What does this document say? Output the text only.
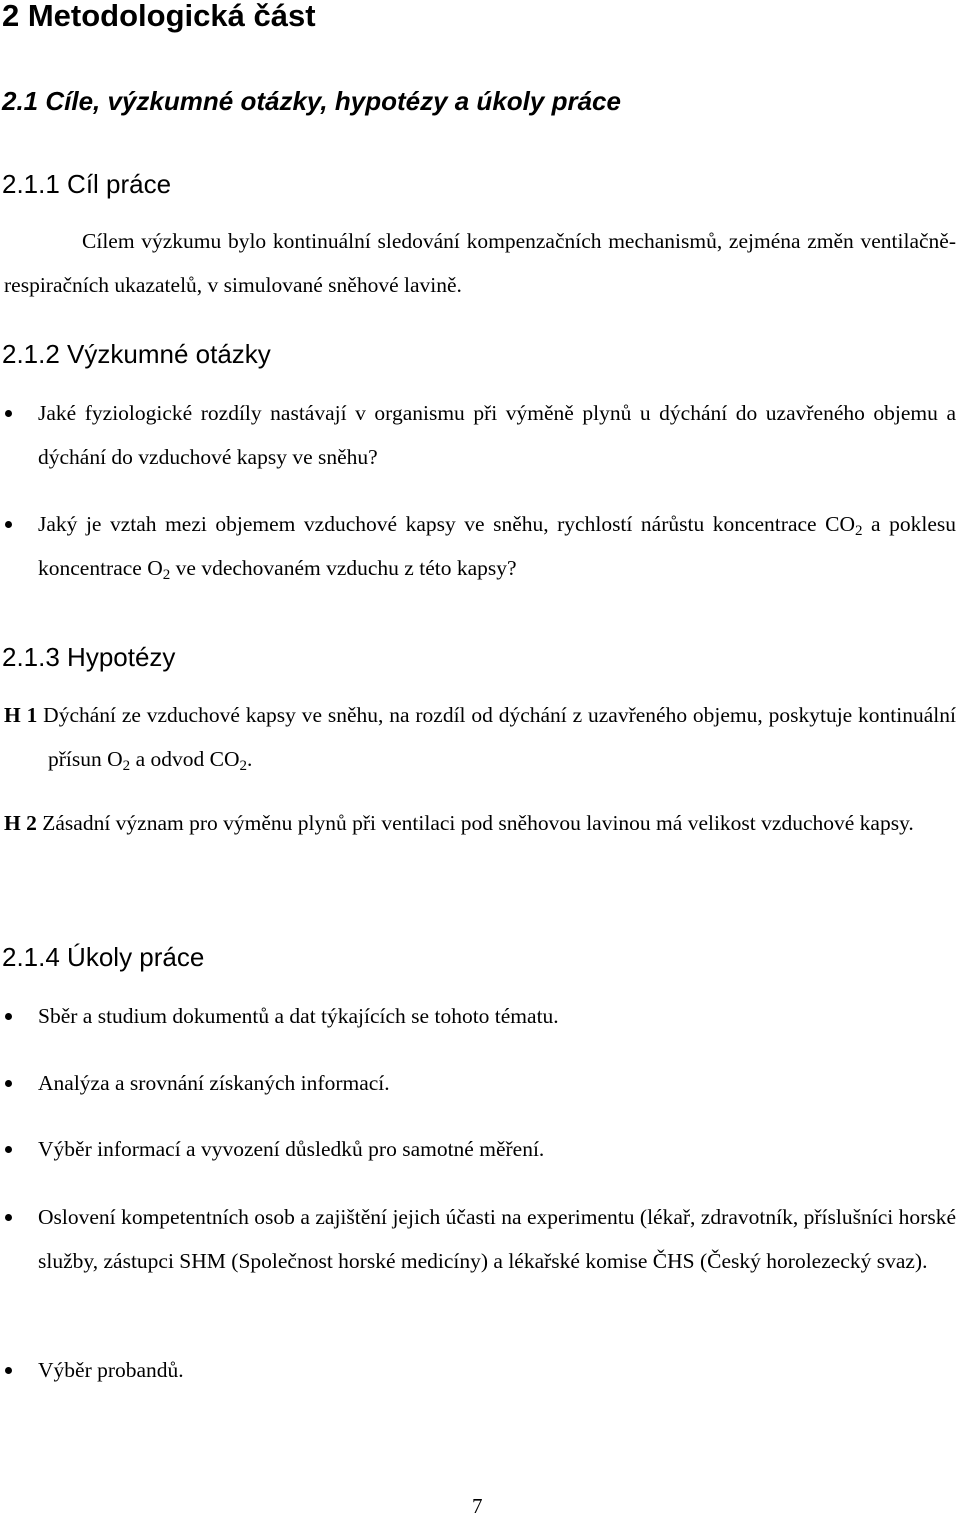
2 Metodologická část
2.1 Cíle, výzkumné otázky, hypotézy a úkoly práce
2.1.1 Cíl práce

Cílem výzkumu bylo kontinuální sledování kompenzačních mechanismů, zejména změn ventilačně-respiračních ukazatelů, v simulované sněhové lavině.

2.1.2 Výzkumné otázky

Jaké fyziologické rozdíly nastávají v organismu při výměně plynů u dýchání do uzavřeného objemu a dýchání do vzduchové kapsy ve sněhu?

Jaký je vztah mezi objemem vzduchové kapsy ve sněhu, rychlostí nárůstu koncentrace $CO_2$ a poklesu koncentrace $O_2$ ve vdechovaném vzduchu z této kapsy?

2.1.3 Hypotézy

H 1 Dýchání ze vzduchové kapsy ve sněhu, na rozdíl od dýchání z uzavřeného objemu, poskytuje kontinuální přísun $O_2$ a odvod $CO_2$.

H 2 Zásadní význam pro výměnu plynů při ventilaci pod sněhovou lavinou má velikost vzduchové kapsy.

2.1.4 Úkoly práce

Sběr a studium dokumentů a dat týkajících se tohoto tématu.

Analýza a srovnání získaných informací.

Výběr informací a vyvození důsledků pro samotné měření.

Oslovení kompetentních osob a zajištění jejich účasti na experimentu (lékař, zdravotník, příslušníci horské služby, zástupci SHM (Společnost horské medicíny) a lékařské komise ČHS (Český horolezecký svaz).

Výběr probandů.

7
